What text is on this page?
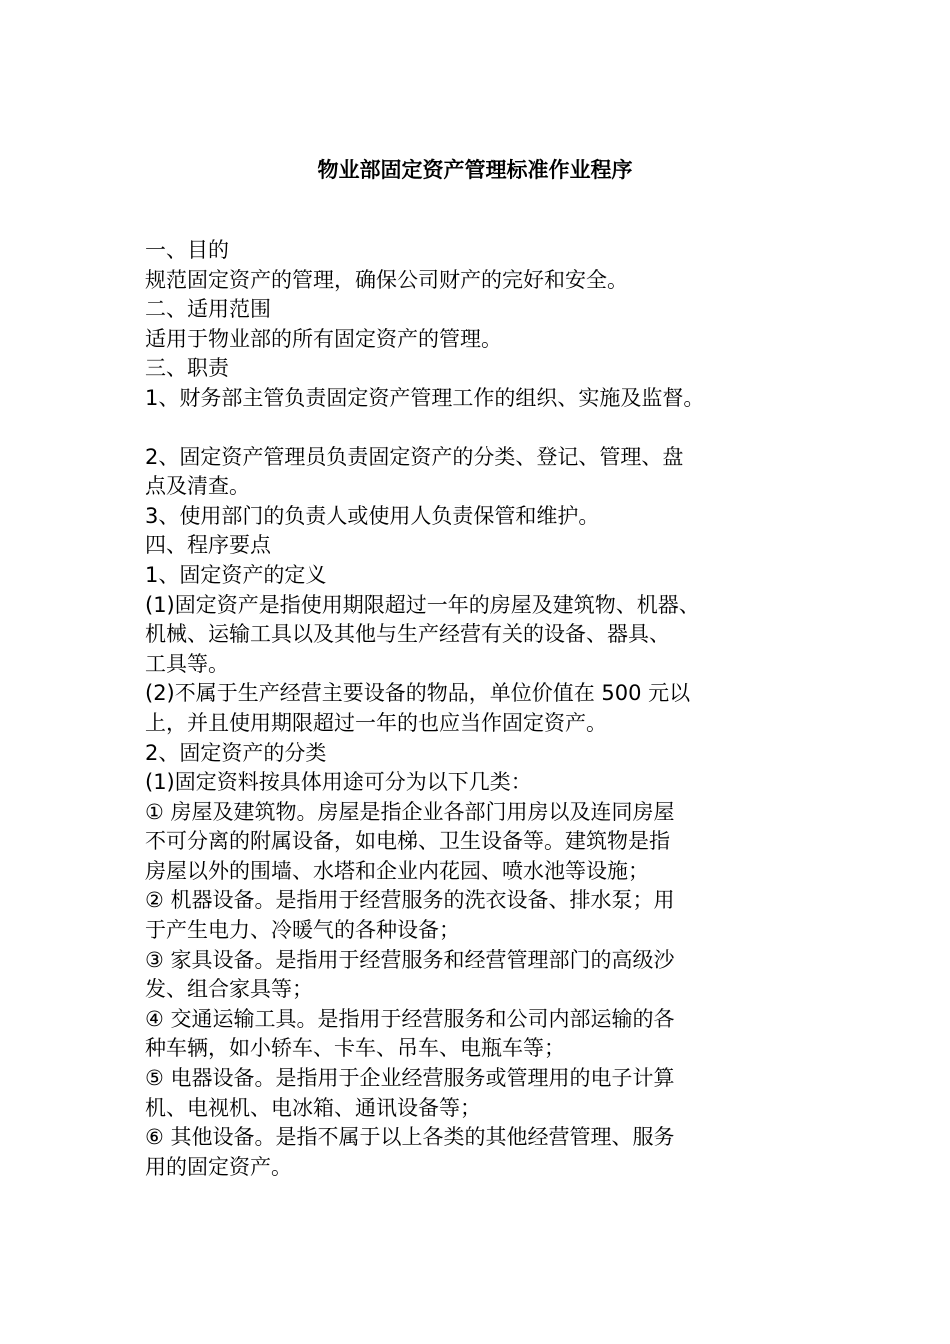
物业部固定资产管理标准作业程序

一、目的

规范固定资产的管理，确保公司财产的完好和安全。

二、适用范围

适用于物业部的所有固定资产的管理。

三、职责

1、财务部主管负责固定资产管理工作的组织、实施及监督。

2、固定资产管理员负责固定资产的分类、登记、管理、盘

点及清查。

3、使用部门的负责人或使用人负责保管和维护。

四、程序要点

1、固定资产的定义

(1)固定资产是指使用期限超过一年的房屋及建筑物、机器、

机械、运输工具以及其他与生产经营有关的设备、器具、

工具等。

(2)不属于生产经营主要设备的物品，单位价值在 500 元以

上，并且使用期限超过一年的也应当作固定资产。

2、固定资产的分类

(1)固定资料按具体用途可分为以下几类：

① 房屋及建筑物。房屋是指企业各部门用房以及连同房屋

不可分离的附属设备，如电梯、卫生设备等。建筑物是指

房屋以外的围墙、水塔和企业内花园、喷水池等设施；

② 机器设备。是指用于经营服务的洗衣设备、排水泵；用

于产生电力、冷暖气的各种设备；

③ 家具设备。是指用于经营服务和经营管理部门的高级沙

发、组合家具等；

④ 交通运输工具。是指用于经营服务和公司内部运输的各

种车辆，如小轿车、卡车、吊车、电瓶车等；

⑤ 电器设备。是指用于企业经营服务或管理用的电子计算

机、电视机、电冰箱、通讯设备等；

⑥ 其他设备。是指不属于以上各类的其他经营管理、服务

用的固定资产。
